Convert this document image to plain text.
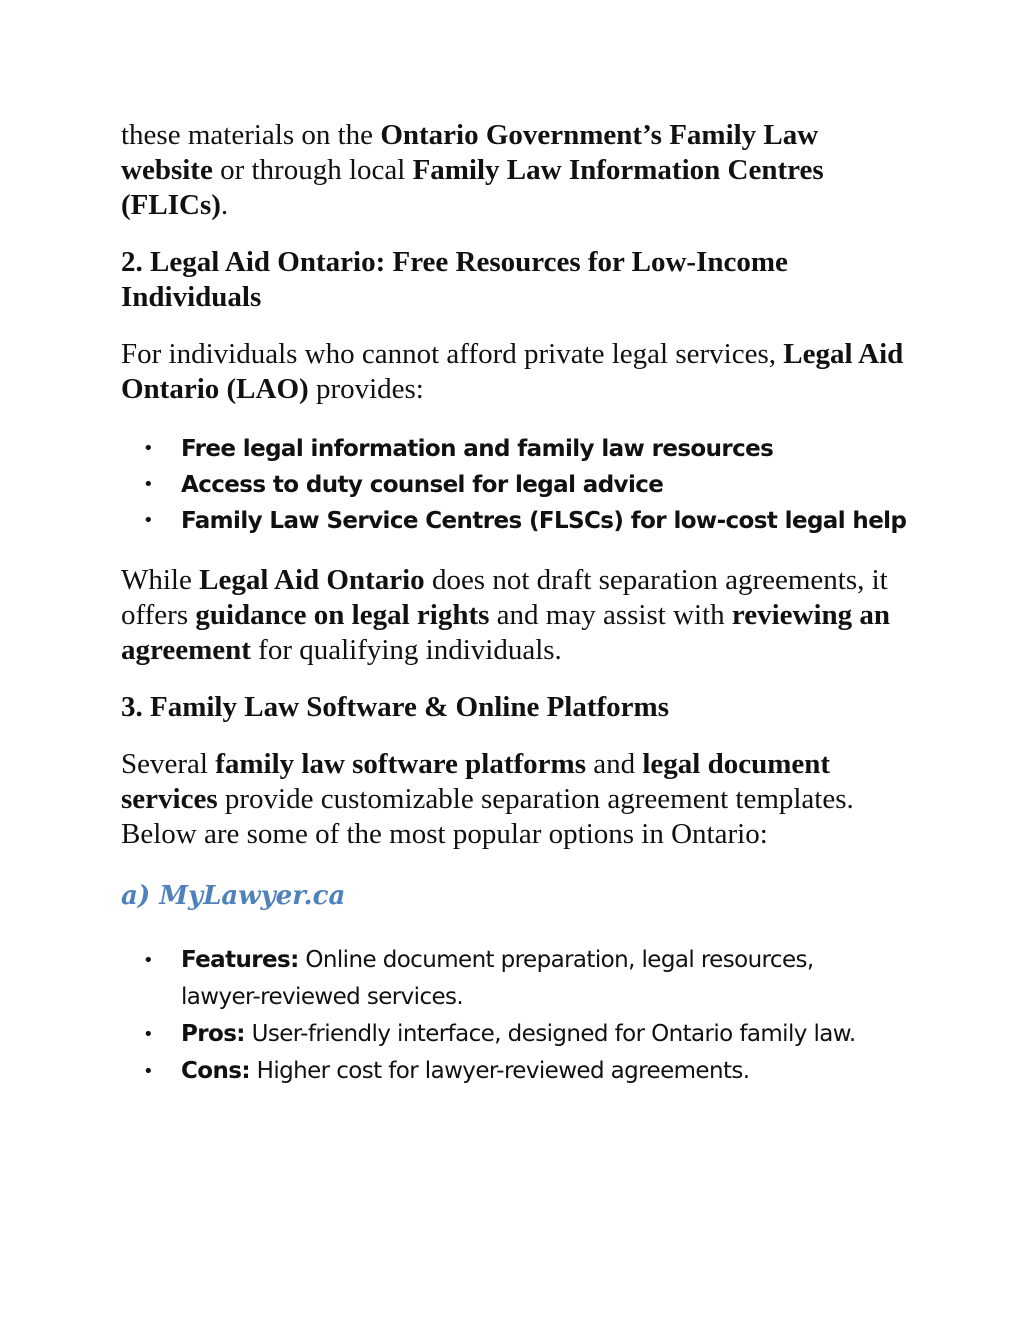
these materials on the Ontario Government’s Family Law website or through local Family Law Information Centres (FLICs).

2. Legal Aid Ontario: Free Resources for Low-Income Individuals

For individuals who cannot afford private legal services, Legal Aid Ontario (LAO) provides:

• Free legal information and family law resources
• Access to duty counsel for legal advice
• Family Law Service Centres (FLSCs) for low-cost legal help

While Legal Aid Ontario does not draft separation agreements, it offers guidance on legal rights and may assist with reviewing an agreement for qualifying individuals.

3. Family Law Software & Online Platforms

Several family law software platforms and legal document services provide customizable separation agreement templates. Below are some of the most popular options in Ontario:

a) MyLawyer.ca

• Features: Online document preparation, legal resources, lawyer-reviewed services.
• Pros: User-friendly interface, designed for Ontario family law.
• Cons: Higher cost for lawyer-reviewed agreements.
